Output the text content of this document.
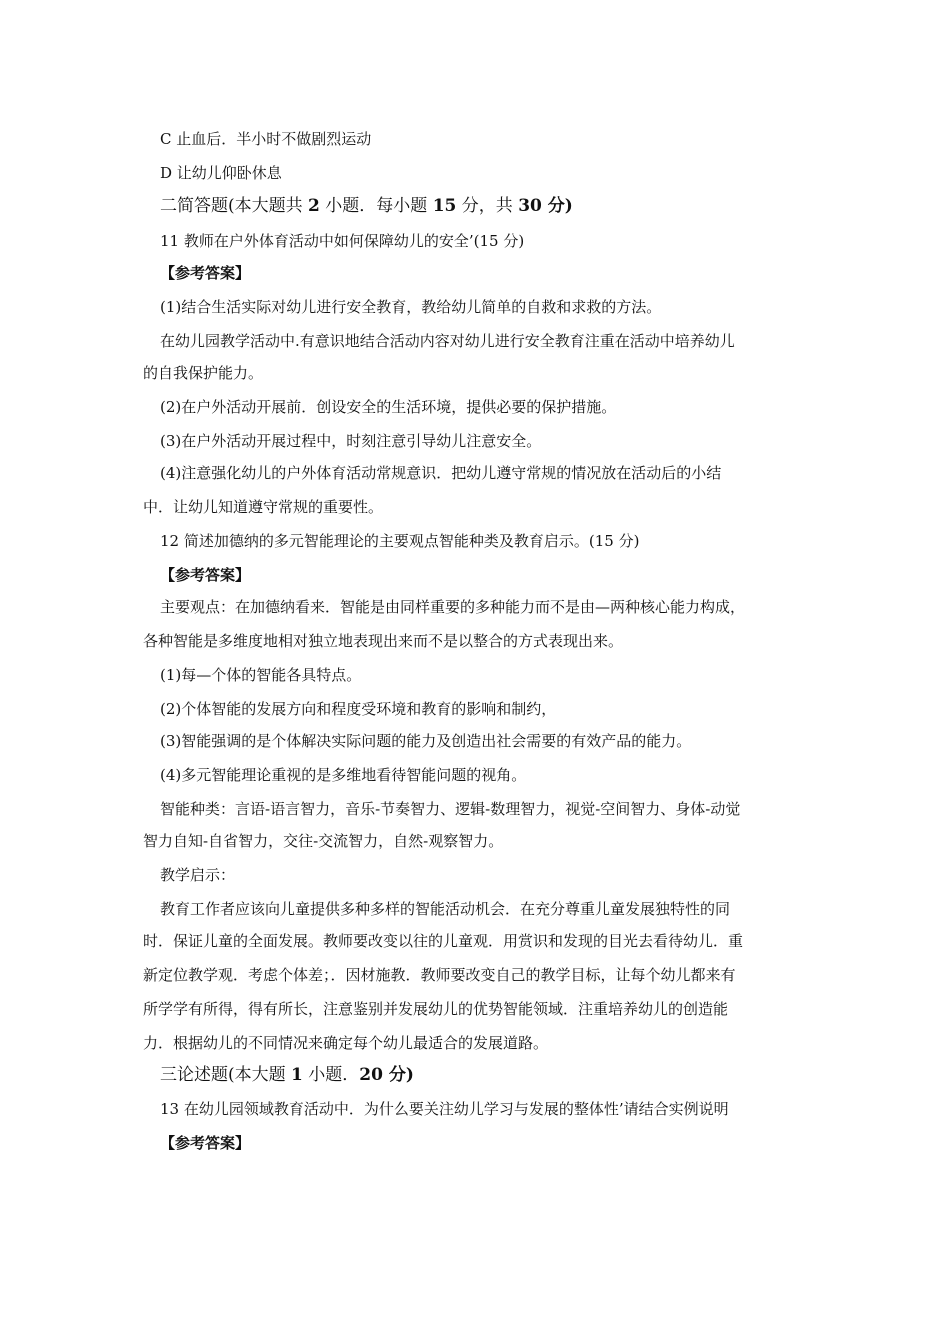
C 止血后．半小时不做剧烈运动
D 让幼儿仰卧休息
二简答题(本大题共 2 小题．每小题 15 分，共 30 分)
11 教师在户外体育活动中如何保障幼儿的安全’(15 分)
【参考答案】
(1)结合生活实际对幼儿进行安全教育，教给幼儿简单的自救和求救的方法。
在幼儿园教学活动中.有意识地结合活动内容对幼儿进行安全教育注重在活动中培养幼儿
的自我保护能力。
(2)在户外活动开展前．创设安全的生活环境，提供必要的保护措施。
(3)在户外活动开展过程中，时刻注意引导幼儿注意安全。
(4)注意强化幼儿的户外体育活动常规意识．把幼儿遵守常规的情况放在活动后的小结
中．让幼儿知道遵守常规的重要性。
12 简述加德纳的多元智能理论的主要观点智能种类及教育启示。(15 分)
【参考答案】
主要观点：在加德纳看来．智能是由同样重要的多种能力而不是由—两种核心能力构成，
各种智能是多维度地相对独立地表现出来而不是以整合的方式表现出来。
(1)每—个体的智能各具特点。
(2)个体智能的发展方向和程度受环境和教育的影响和制约，
(3)智能强调的是个体解决实际问题的能力及创造出社会需要的有效产品的能力。
(4)多元智能理论重视的是多维地看待智能问题的视角。
智能种类：言语-语言智力，音乐-节奏智力、逻辑-数理智力，视觉-空间智力、身体-动觉
智力自知-自省智力，交往-交流智力，自然-观察智力。
教学启示：
教育工作者应该向儿童提供多种多样的智能活动机会．在充分尊重儿童发展独特性的同
时．保证儿童的全面发展。教师要改变以往的儿童观．用赏识和发现的目光去看待幼儿．重
新定位教学观．考虑个体差；．因材施教．教师要改变自己的教学目标，让每个幼儿都来有
所学学有所得，得有所长，注意鉴别并发展幼儿的优势智能领域．注重培养幼儿的创造能
力．根据幼儿的不同情况来确定每个幼儿最适合的发展道路。
三论述题(本大题 1 小题．20 分)
13 在幼儿园领域教育活动中．为什么要关注幼儿学习与发展的整体性’请结合实例说明
【参考答案】
